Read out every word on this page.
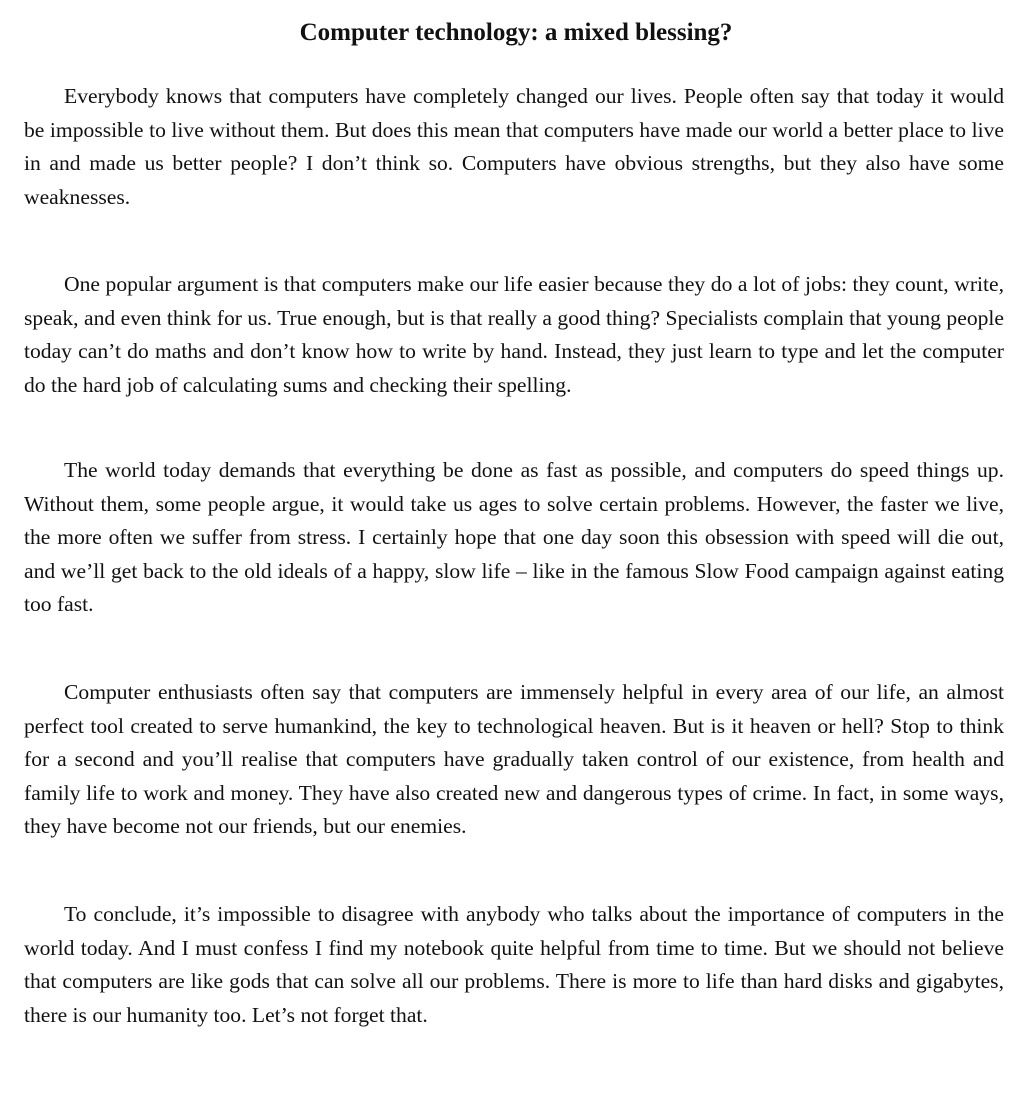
Computer technology: a mixed blessing?

Everybody knows that computers have completely changed our lives. People often say that today it would be impossible to live without them. But does this mean that computers have made our world a better place to live in and made us better people? I don’t think so. Computers have obvious strengths, but they also have some weaknesses.

One popular argument is that computers make our life easier because they do a lot of jobs: they count, write, speak, and even think for us. True enough, but is that really a good thing? Specialists complain that young people today can’t do maths and don’t know how to write by hand. Instead, they just learn to type and let the computer do the hard job of calculating sums and checking their spelling.

The world today demands that everything be done as fast as possible, and computers do speed things up. Without them, some people argue, it would take us ages to solve certain problems. However, the faster we live, the more often we suffer from stress. I certainly hope that one day soon this obsession with speed will die out, and we’ll get back to the old ideals of a happy, slow life – like in the famous Slow Food campaign against eating too fast.

Computer enthusiasts often say that computers are immensely helpful in every area of our life, an almost perfect tool created to serve humankind, the key to technological heaven. But is it heaven or hell? Stop to think for a second and you’ll realise that computers have gradually taken control of our existence, from health and family life to work and money. They have also created new and dangerous types of crime. In fact, in some ways, they have become not our friends, but our enemies.

To conclude, it’s impossible to disagree with anybody who talks about the importance of computers in the world today. And I must confess I find my notebook quite helpful from time to time. But we should not believe that computers are like gods that can solve all our problems. There is more to life than hard disks and gigabytes, there is our humanity too. Let’s not forget that.
